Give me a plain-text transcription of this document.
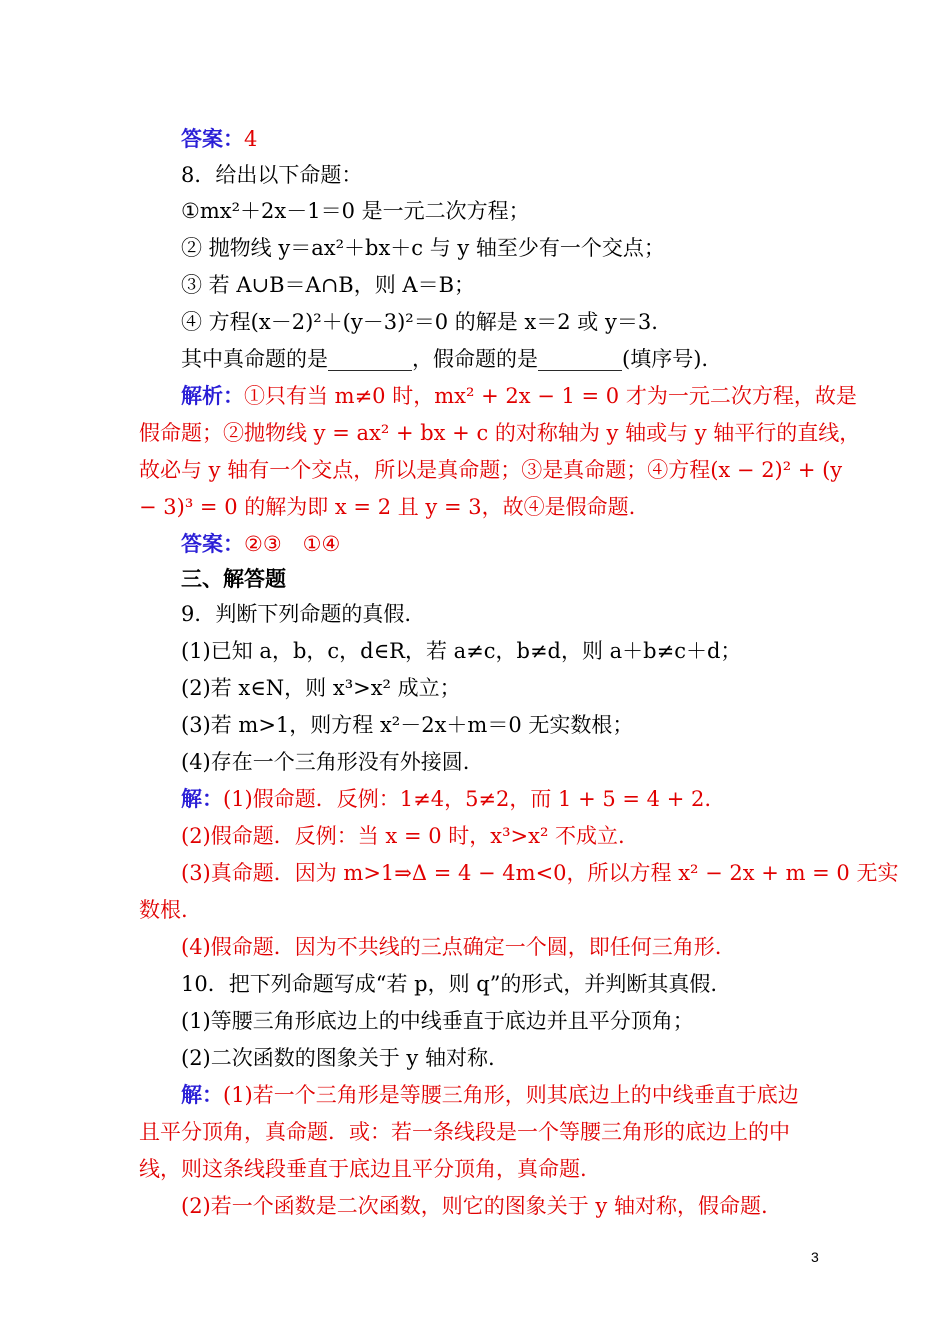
答案：4
8．给出以下命题：
①mx²＋2x－1＝0 是一元二次方程；
② 抛物线 y＝ax²＋bx＋c 与 y 轴至少有一个交点；
③ 若 A∪B＝A∩B，则 A＝B；
④ 方程(x－2)²＋(y－3)²＝0 的解是 x＝2 或 y＝3.
其中真命题的是________，假命题的是________(填序号).
解析：①只有当 m≠0 时，mx² + 2x − 1 = 0 才为一元二次方程，故是
假命题；②抛物线 y = ax² + bx + c 的对称轴为 y 轴或与 y 轴平行的直线，
故必与 y 轴有一个交点，所以是真命题；③是真命题；④方程(x − 2)² + (y
− 3)³ = 0 的解为即 x = 2 且 y = 3，故④是假命题.
答案：②③　①④
三、解答题
9．判断下列命题的真假.
(1)已知 a，b，c，d∈R，若 a≠c，b≠d，则 a＋b≠c＋d；
(2)若 x∈N，则 x³>x² 成立；
(3)若 m>1，则方程 x²－2x＋m＝0 无实数根；
(4)存在一个三角形没有外接圆.
解：(1)假命题．反例：1≠4，5≠2，而 1 + 5 = 4 + 2.
(2)假命题．反例：当 x = 0 时，x³>x² 不成立.
(3)真命题．因为 m>1⇒Δ = 4 − 4m<0，所以方程 x² − 2x + m = 0 无实
数根.
(4)假命题．因为不共线的三点确定一个圆，即任何三角形.
10．把下列命题写成“若 p，则 q”的形式，并判断其真假.
(1)等腰三角形底边上的中线垂直于底边并且平分顶角；
(2)二次函数的图象关于 y 轴对称.
解：(1)若一个三角形是等腰三角形，则其底边上的中线垂直于底边
且平分顶角，真命题．或：若一条线段是一个等腰三角形的底边上的中
线，则这条线段垂直于底边且平分顶角，真命题.
(2)若一个函数是二次函数，则它的图象关于 y 轴对称，假命题.
3
